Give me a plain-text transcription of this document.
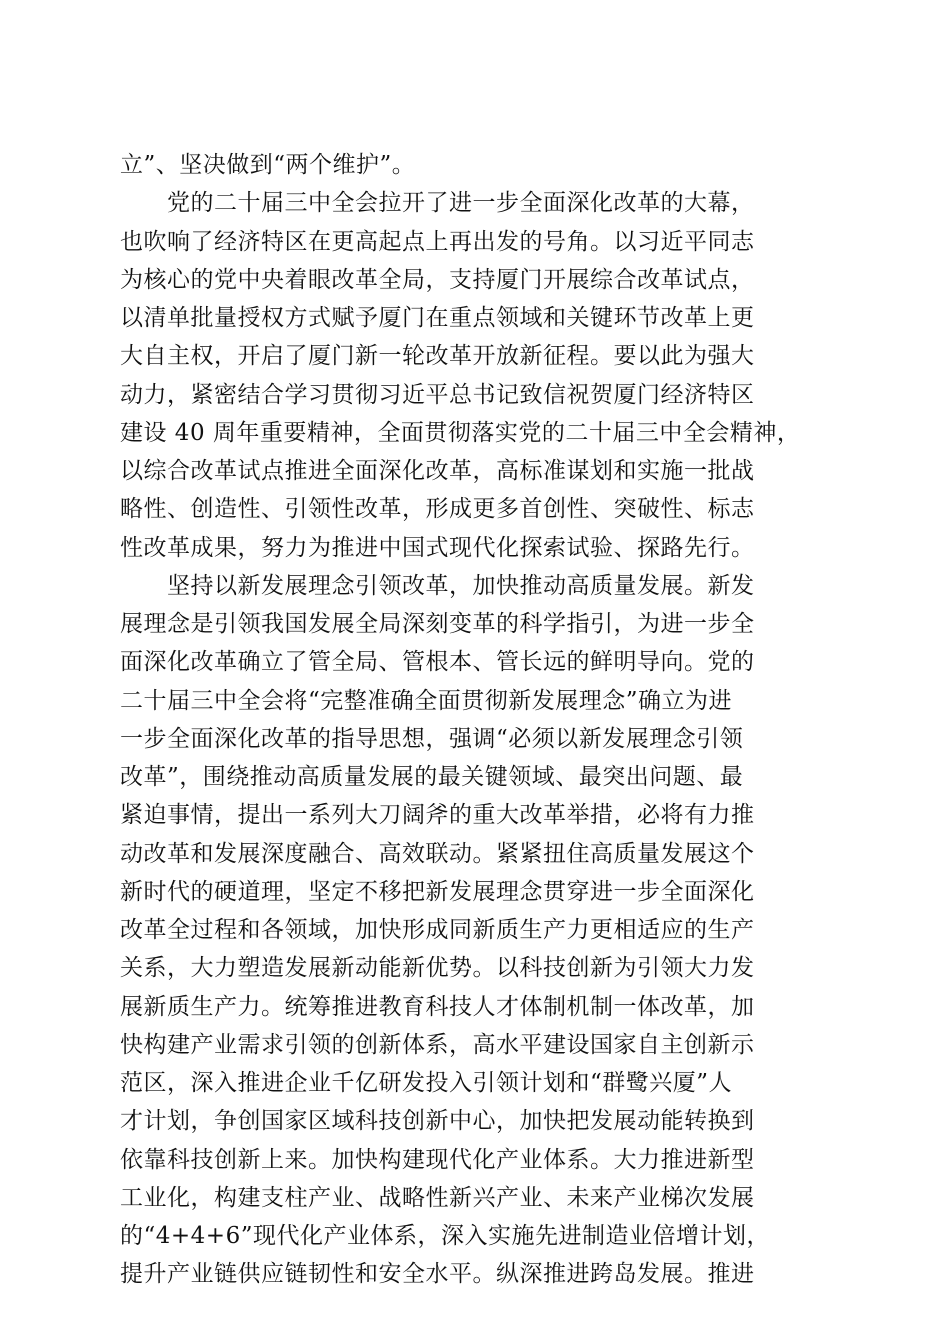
立”、坚决做到“两个维护”。
　　党的二十届三中全会拉开了进一步全面深化改革的大幕，
也吹响了经济特区在更高起点上再出发的号角。以习近平同志
为核心的党中央着眼改革全局，支持厦门开展综合改革试点，
以清单批量授权方式赋予厦门在重点领域和关键环节改革上更
大自主权，开启了厦门新一轮改革开放新征程。要以此为强大
动力，紧密结合学习贯彻习近平总书记致信祝贺厦门经济特区
建设 40 周年重要精神，全面贯彻落实党的二十届三中全会精神，
以综合改革试点推进全面深化改革，高标准谋划和实施一批战
略性、创造性、引领性改革，形成更多首创性、突破性、标志
性改革成果，努力为推进中国式现代化探索试验、探路先行。
　　坚持以新发展理念引领改革，加快推动高质量发展。新发
展理念是引领我国发展全局深刻变革的科学指引，为进一步全
面深化改革确立了管全局、管根本、管长远的鲜明导向。党的
二十届三中全会将“完整准确全面贯彻新发展理念”确立为进
一步全面深化改革的指导思想，强调“必须以新发展理念引领
改革”，围绕推动高质量发展的最关键领域、最突出问题、最
紧迫事情，提出一系列大刀阔斧的重大改革举措，必将有力推
动改革和发展深度融合、高效联动。紧紧扭住高质量发展这个
新时代的硬道理，坚定不移把新发展理念贯穿进一步全面深化
改革全过程和各领域，加快形成同新质生产力更相适应的生产
关系，大力塑造发展新动能新优势。以科技创新为引领大力发
展新质生产力。统筹推进教育科技人才体制机制一体改革，加
快构建产业需求引领的创新体系，高水平建设国家自主创新示
范区，深入推进企业千亿研发投入引领计划和“群鹭兴厦”人
才计划，争创国家区域科技创新中心，加快把发展动能转换到
依靠科技创新上来。加快构建现代化产业体系。大力推进新型
工业化，构建支柱产业、战略性新兴产业、未来产业梯次发展
的“4+4+6”现代化产业体系，深入实施先进制造业倍增计划，
提升产业链供应链韧性和安全水平。纵深推进跨岛发展。推进
